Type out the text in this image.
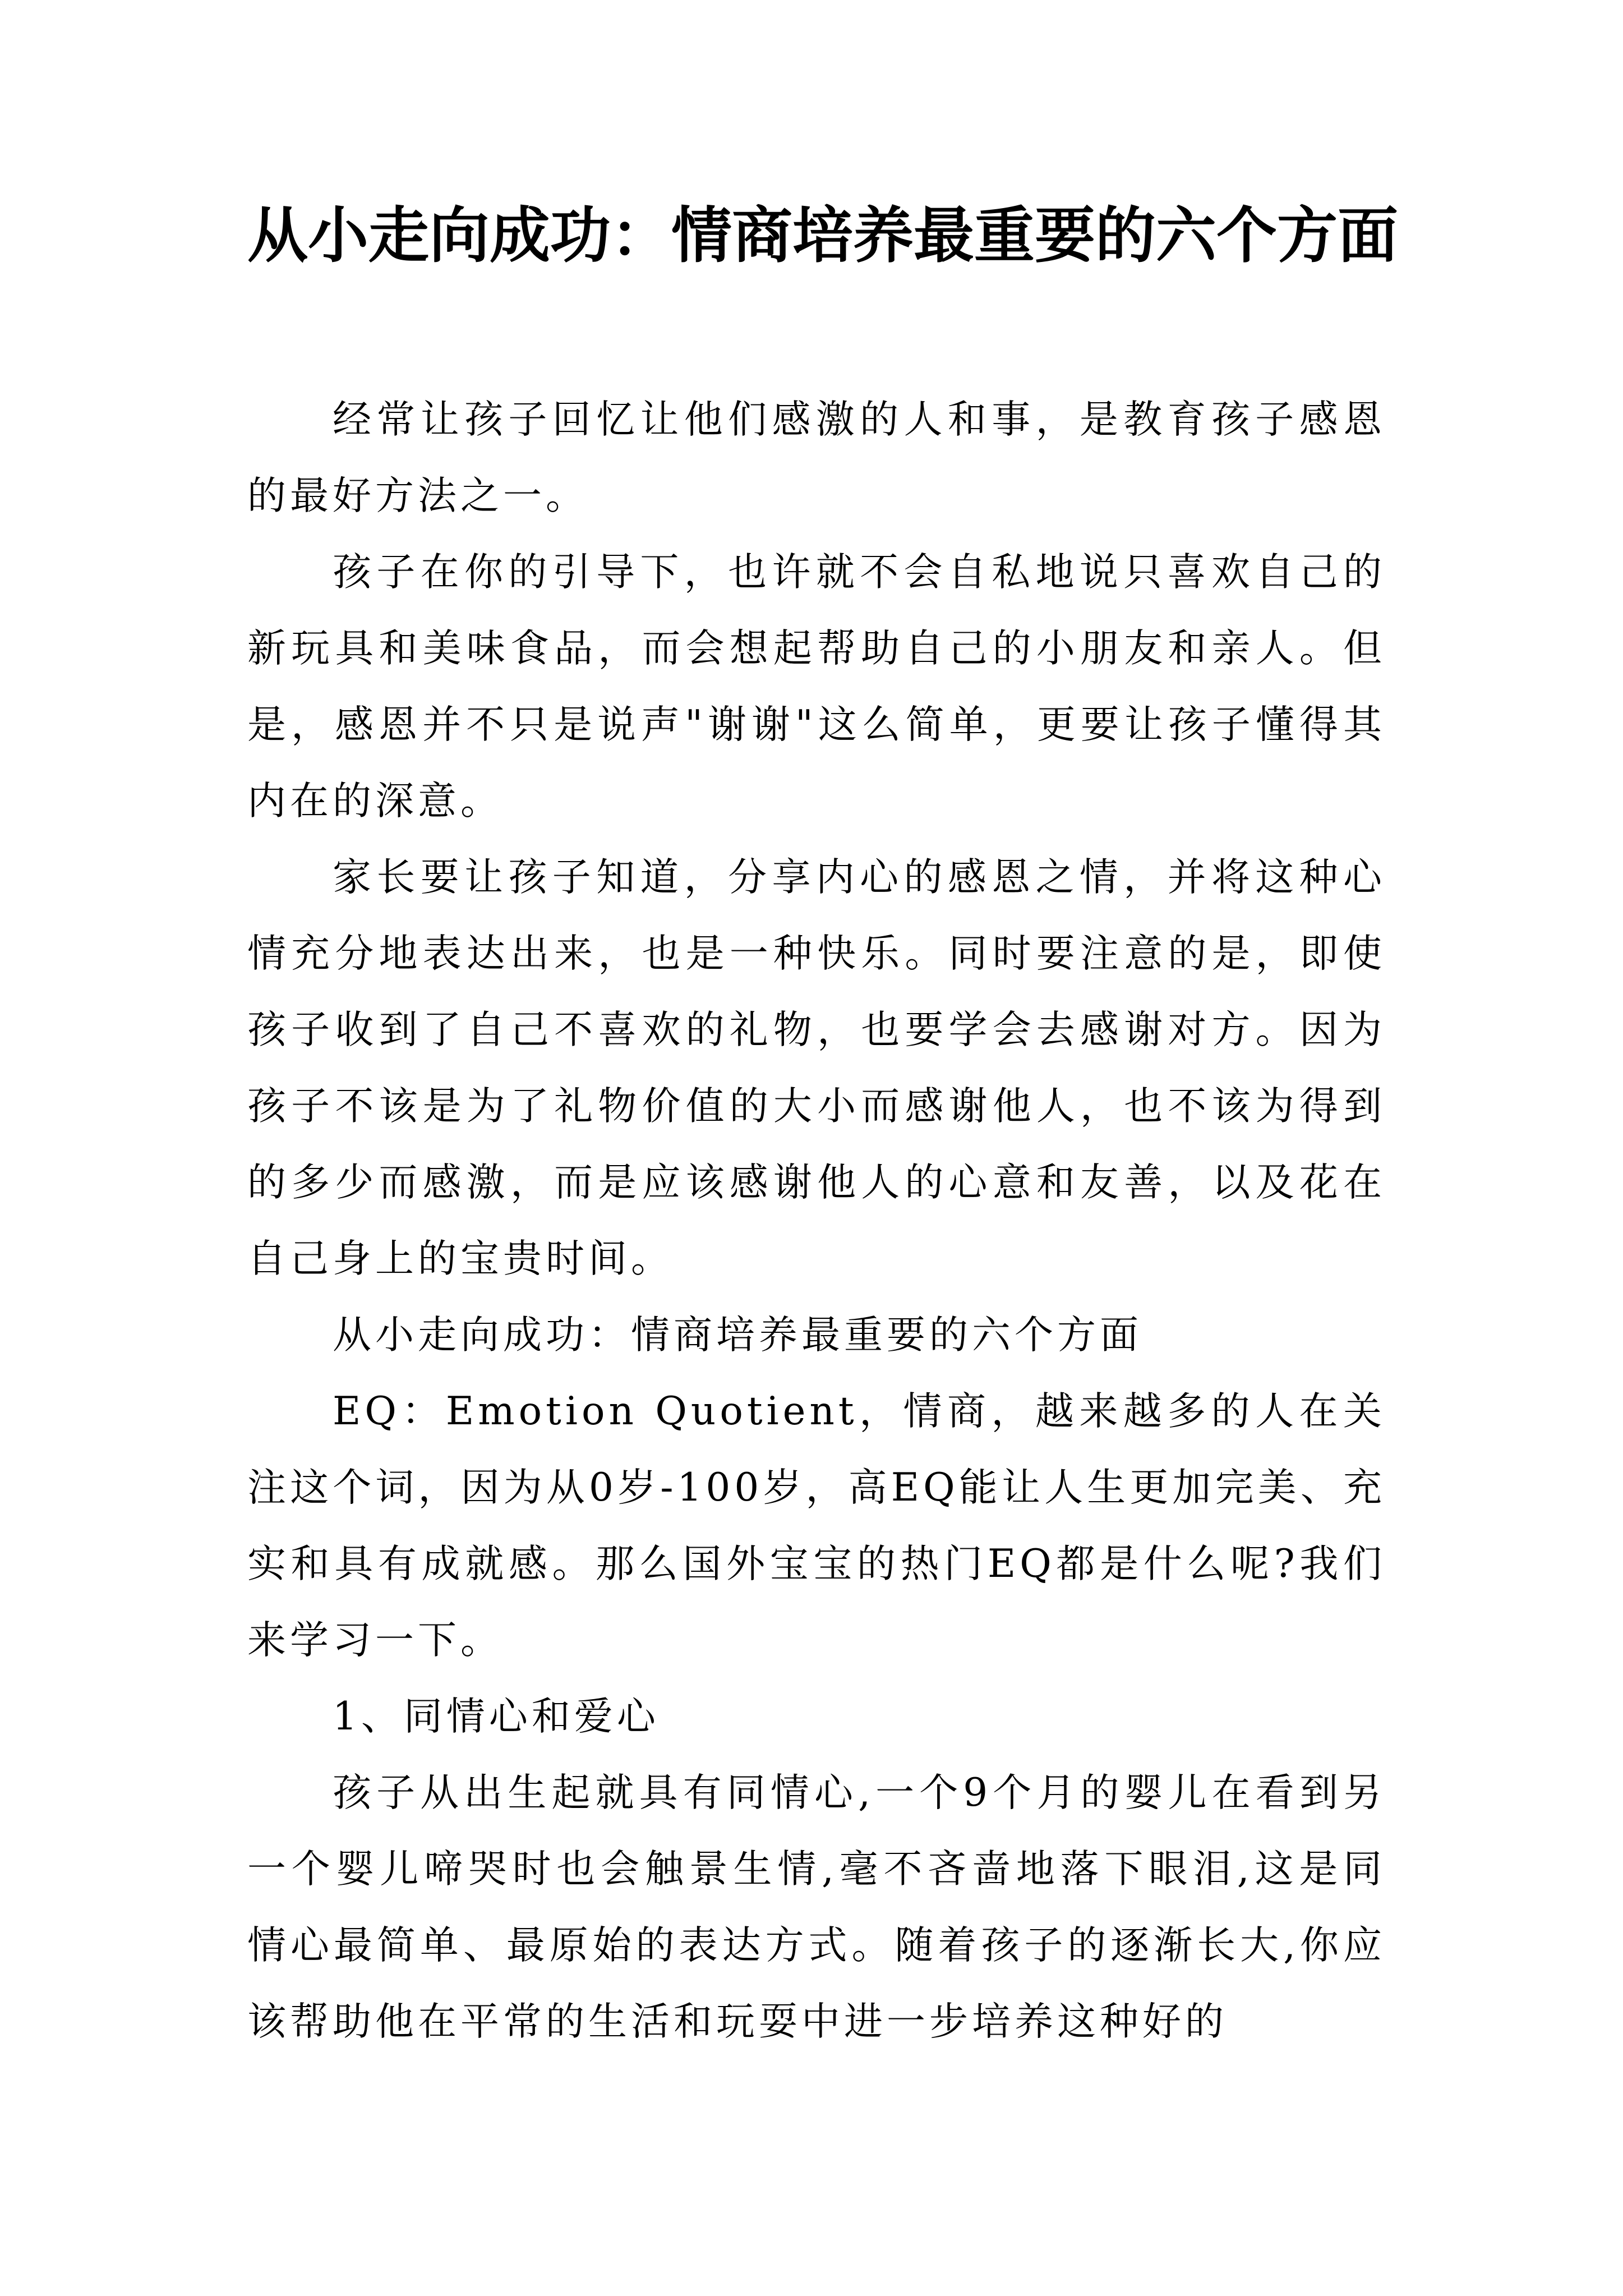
从小走向成功：情商培养最重要的六个方面

经常让孩子回忆让他们感激的人和事，是教育孩子感恩的最好方法之一。

孩子在你的引导下，也许就不会自私地说只喜欢自己的新玩具和美味食品，而会想起帮助自己的小朋友和亲人。但是，感恩并不只是说声"谢谢"这么简单，更要让孩子懂得其内在的深意。

家长要让孩子知道，分享内心的感恩之情，并将这种心情充分地表达出来，也是一种快乐。同时要注意的是，即使孩子收到了自己不喜欢的礼物，也要学会去感谢对方。因为孩子不该是为了礼物价值的大小而感谢他人，也不该为得到的多少而感激，而是应该感谢他人的心意和友善，以及花在自己身上的宝贵时间。

从小走向成功：情商培养最重要的六个方面

EQ：Emotion Quotient，情商，越来越多的人在关注这个词，因为从0岁-100岁，高EQ能让人生更加完美、充实和具有成就感。那么国外宝宝的热门EQ都是什么呢?我们来学习一下。

1、同情心和爱心

孩子从出生起就具有同情心,一个9个月的婴儿在看到另一个婴儿啼哭时也会触景生情,毫不吝啬地落下眼泪,这是同情心最简单、最原始的表达方式。随着孩子的逐渐长大,你应该帮助他在平常的生活和玩耍中进一步培养这种好的
